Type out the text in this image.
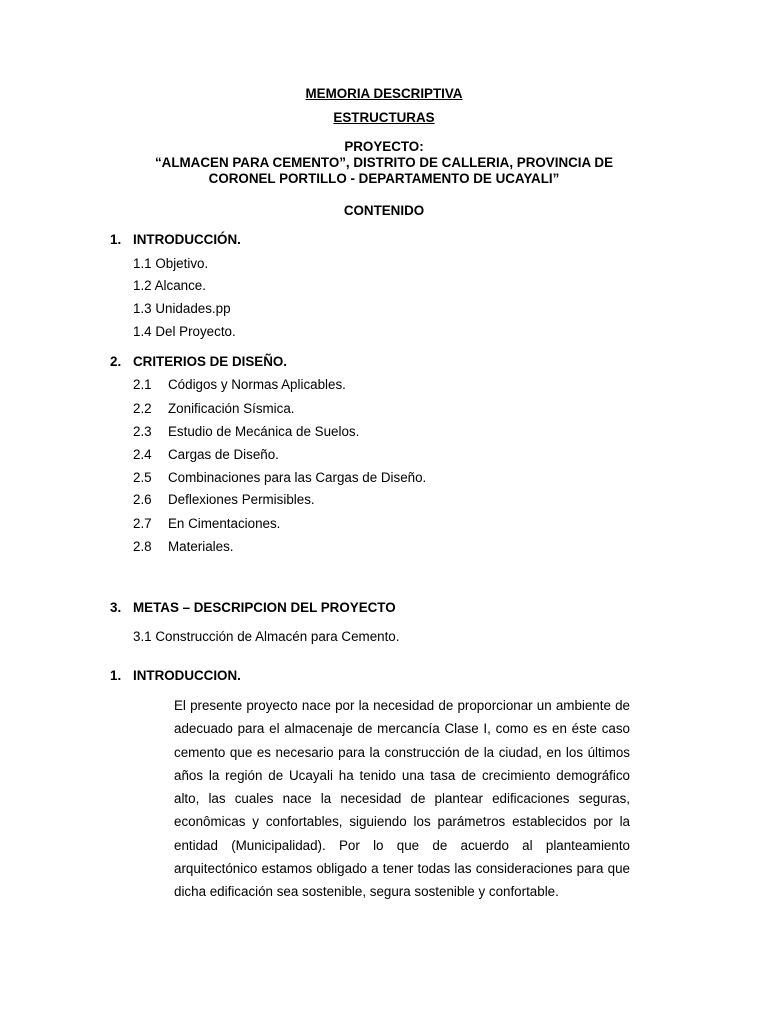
MEMORIA DESCRIPTIVA
ESTRUCTURAS
PROYECTO:
“ALMACEN PARA CEMENTO”, DISTRITO DE CALLERIA, PROVINCIA DE
CORONEL PORTILLO - DEPARTAMENTO DE UCAYALI”
CONTENIDO
1. INTRODUCCIÓN.
1.1 Objetivo.
1.2 Alcance.
1.3 Unidades.pp
1.4 Del Proyecto.
2. CRITERIOS DE DISEÑO.
2.1 Códigos y Normas Aplicables.
2.2 Zonificación Sísmica.
2.3 Estudio de Mecánica de Suelos.
2.4 Cargas de Diseño.
2.5 Combinaciones para las Cargas de Diseño.
2.6 Deflexiones Permisibles.
2.7 En Cimentaciones.
2.8 Materiales.
3. METAS – DESCRIPCION DEL PROYECTO
3.1 Construcción de Almacén para Cemento.
1. INTRODUCCION.
El presente proyecto nace por la necesidad de proporcionar un ambiente de adecuado para el almacenaje de mercancía Clase I, como es en éste caso cemento que es necesario para la construcción de la ciudad, en los últimos años la región de Ucayali ha tenido una tasa de crecimiento demográfico alto, las cuales nace la necesidad de plantear edificaciones seguras, econômicas y confortables, siguiendo los parámetros establecidos por la entidad (Municipalidad). Por lo que de acuerdo al planteamiento arquitectónico estamos obligado a tener todas las consideraciones para que dicha edificación sea sostenible, segura sostenible y confortable.
